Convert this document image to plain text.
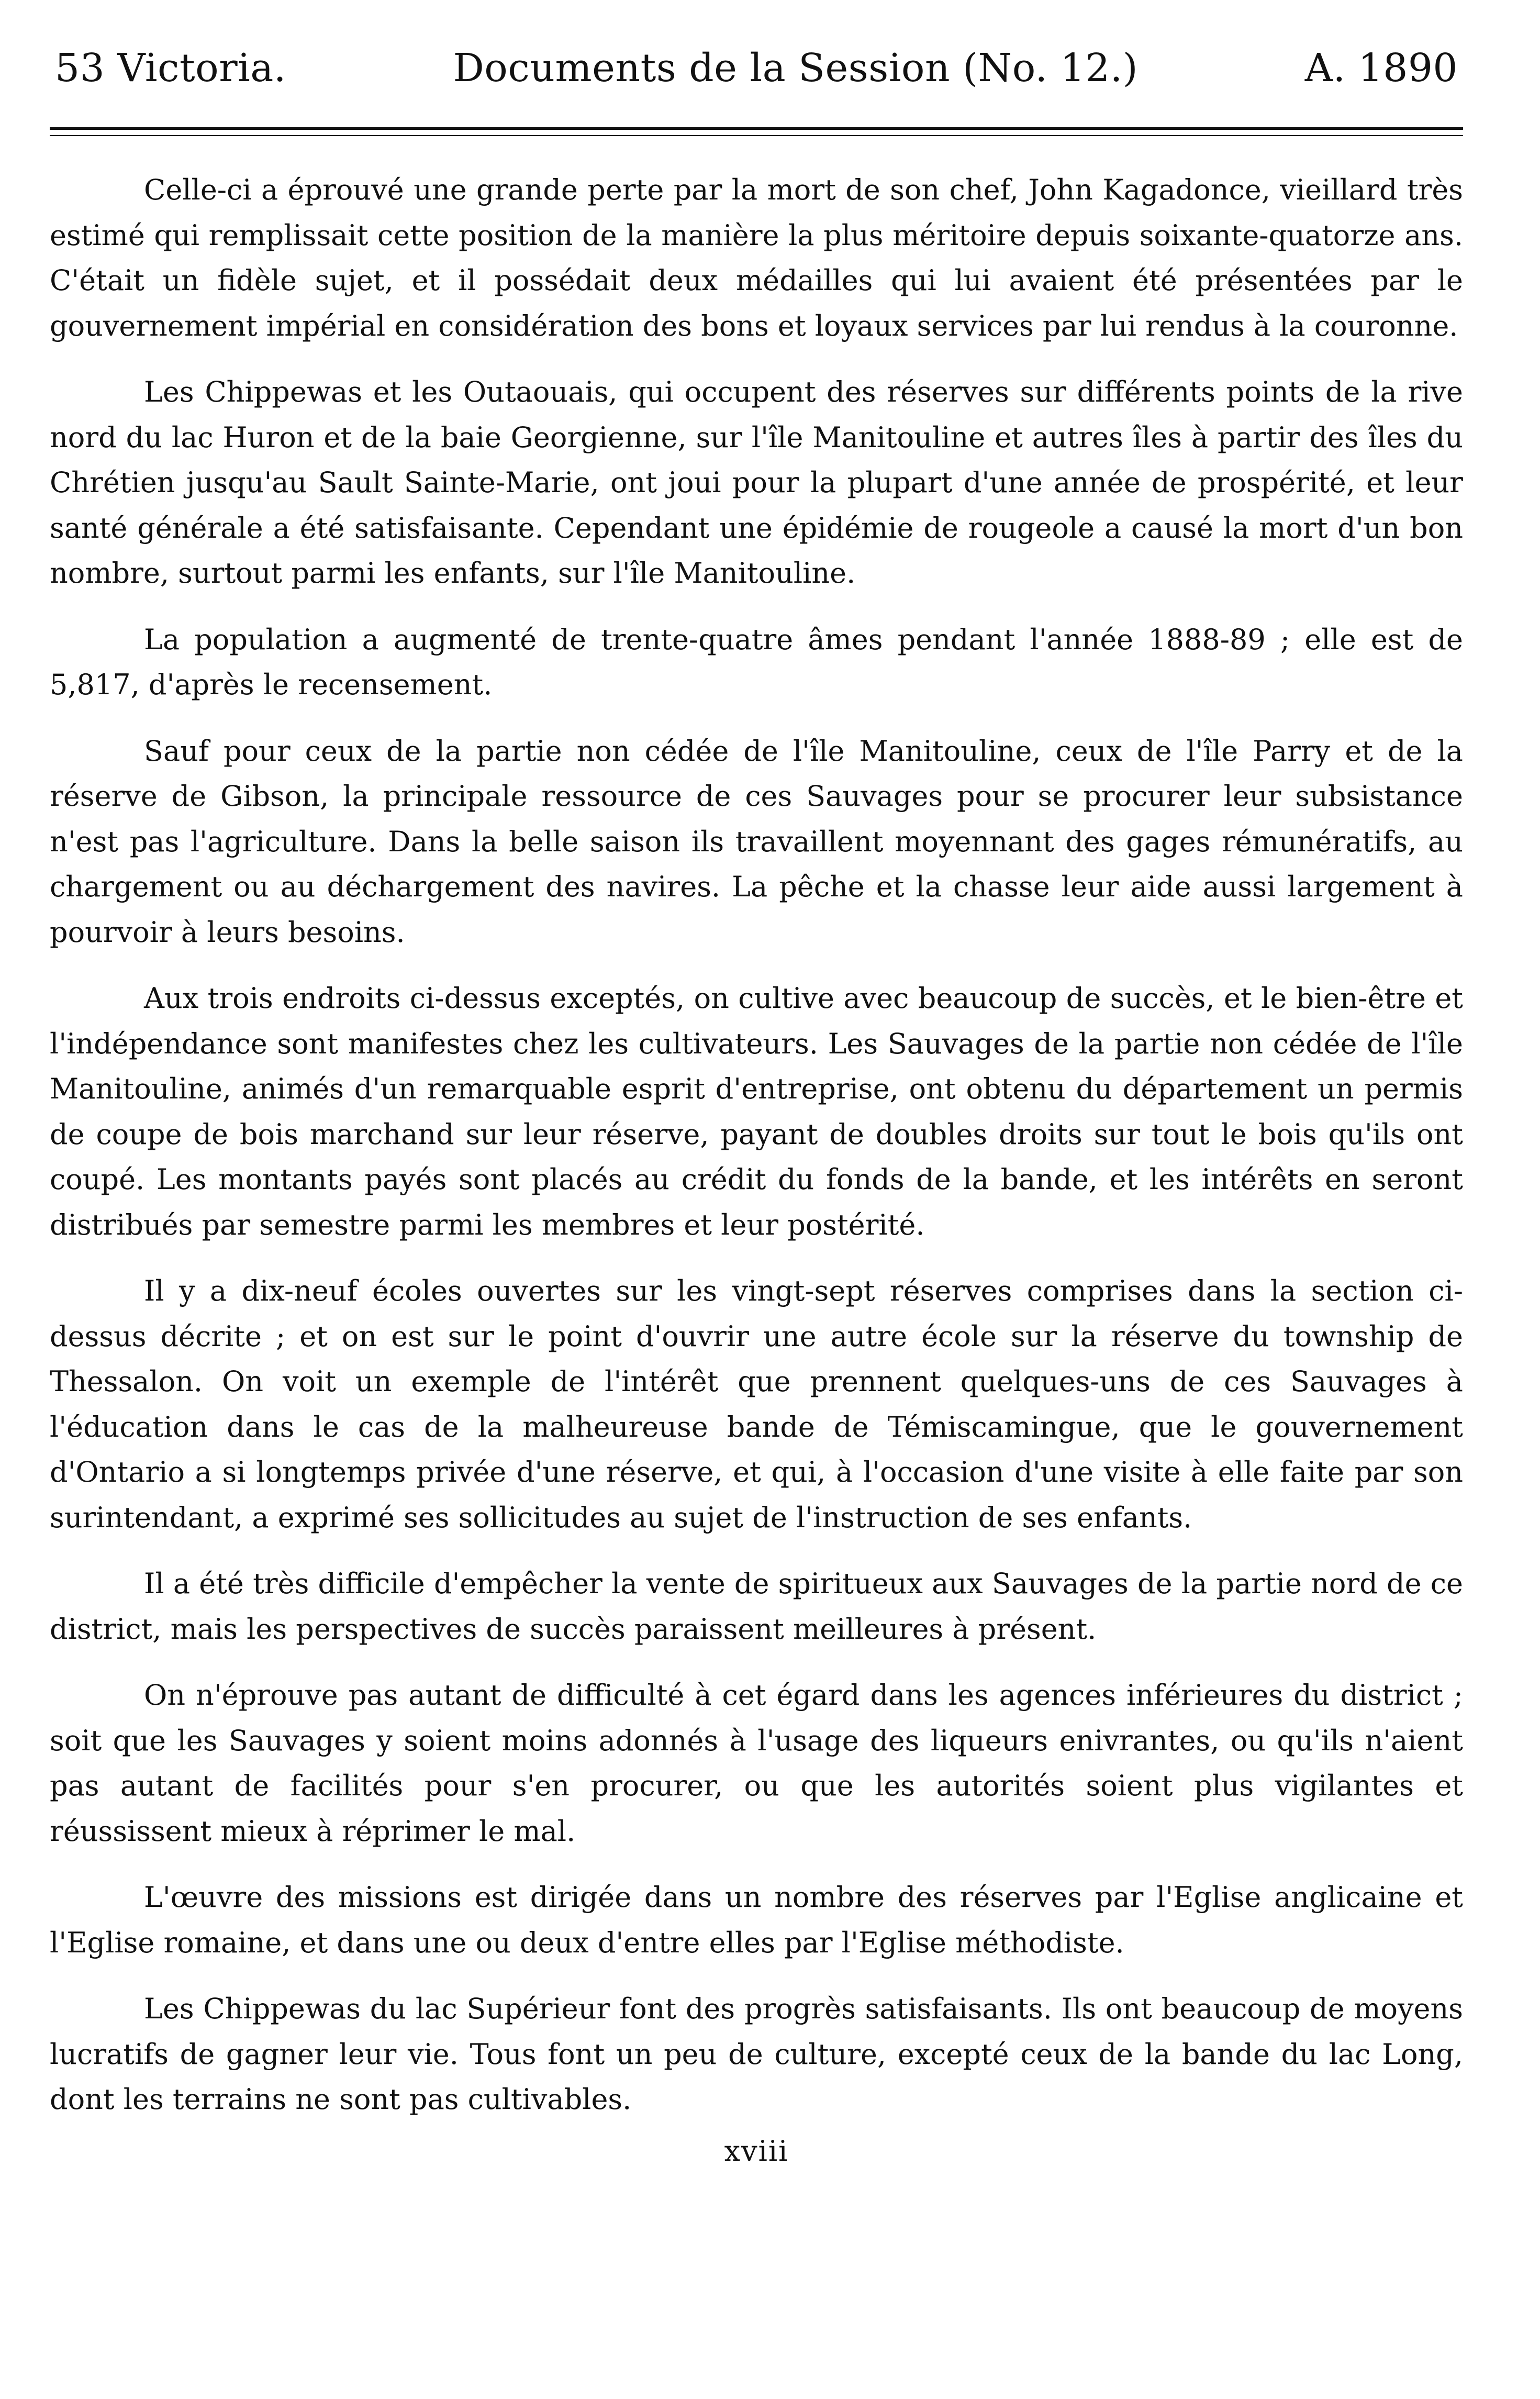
53 Victoria.	Documents de la Session (No. 12.)	A. 1890

Celle-ci a éprouvé une grande perte par la mort de son chef, John Kagadonce, vieillard très estimé qui remplissait cette position de la manière la plus méritoire depuis soixante-quatorze ans. C'était un fidèle sujet, et il possédait deux médailles qui lui avaient été présentées par le gouvernement impérial en considération des bons et loyaux services par lui rendus à la couronne.

Les Chippewas et les Outaouais, qui occupent des réserves sur différents points de la rive nord du lac Huron et de la baie Georgienne, sur l'île Manitouline et autres îles à partir des îles du Chrétien jusqu'au Sault Sainte-Marie, ont joui pour la plupart d'une année de prospérité, et leur santé générale a été satisfaisante. Cependant une épidémie de rougeole a causé la mort d'un bon nombre, surtout parmi les enfants, sur l'île Manitouline.

La population a augmenté de trente-quatre âmes pendant l'année 1888-89 ; elle est de 5,817, d'après le recensement.

Sauf pour ceux de la partie non cédée de l'île Manitouline, ceux de l'île Parry et de la réserve de Gibson, la principale ressource de ces Sauvages pour se procurer leur subsistance n'est pas l'agriculture. Dans la belle saison ils travaillent moyennant des gages rémunératifs, au chargement ou au déchargement des navires. La pêche et la chasse leur aide aussi largement à pourvoir à leurs besoins.

Aux trois endroits ci-dessus exceptés, on cultive avec beaucoup de succès, et le bien-être et l'indépendance sont manifestes chez les cultivateurs. Les Sauvages de la partie non cédée de l'île Manitouline, animés d'un remarquable esprit d'entreprise, ont obtenu du département un permis de coupe de bois marchand sur leur réserve, payant de doubles droits sur tout le bois qu'ils ont coupé. Les montants payés sont placés au crédit du fonds de la bande, et les intérêts en seront distribués par semestre parmi les membres et leur postérité.

Il y a dix-neuf écoles ouvertes sur les vingt-sept réserves comprises dans la section ci-dessus décrite ; et on est sur le point d'ouvrir une autre école sur la réserve du township de Thessalon. On voit un exemple de l'intérêt que prennent quelques-uns de ces Sauvages à l'éducation dans le cas de la malheureuse bande de Témiscamingue, que le gouvernement d'Ontario a si longtemps privée d'une réserve, et qui, à l'occasion d'une visite à elle faite par son surintendant, a exprimé ses sollicitudes au sujet de l'instruction de ses enfants.

Il a été très difficile d'empêcher la vente de spiritueux aux Sauvages de la partie nord de ce district, mais les perspectives de succès paraissent meilleures à présent.

On n'éprouve pas autant de difficulté à cet égard dans les agences inférieures du district ; soit que les Sauvages y soient moins adonnés à l'usage des liqueurs enivrantes, ou qu'ils n'aient pas autant de facilités pour s'en procurer, ou que les autorités soient plus vigilantes et réussissent mieux à réprimer le mal.

L'œuvre des missions est dirigée dans un nombre des réserves par l'Eglise anglicaine et l'Eglise romaine, et dans une ou deux d'entre elles par l'Eglise méthodiste.

Les Chippewas du lac Supérieur font des progrès satisfaisants. Ils ont beaucoup de moyens lucratifs de gagner leur vie. Tous font un peu de culture, excepté ceux de la bande du lac Long, dont les terrains ne sont pas cultivables.

xviii
